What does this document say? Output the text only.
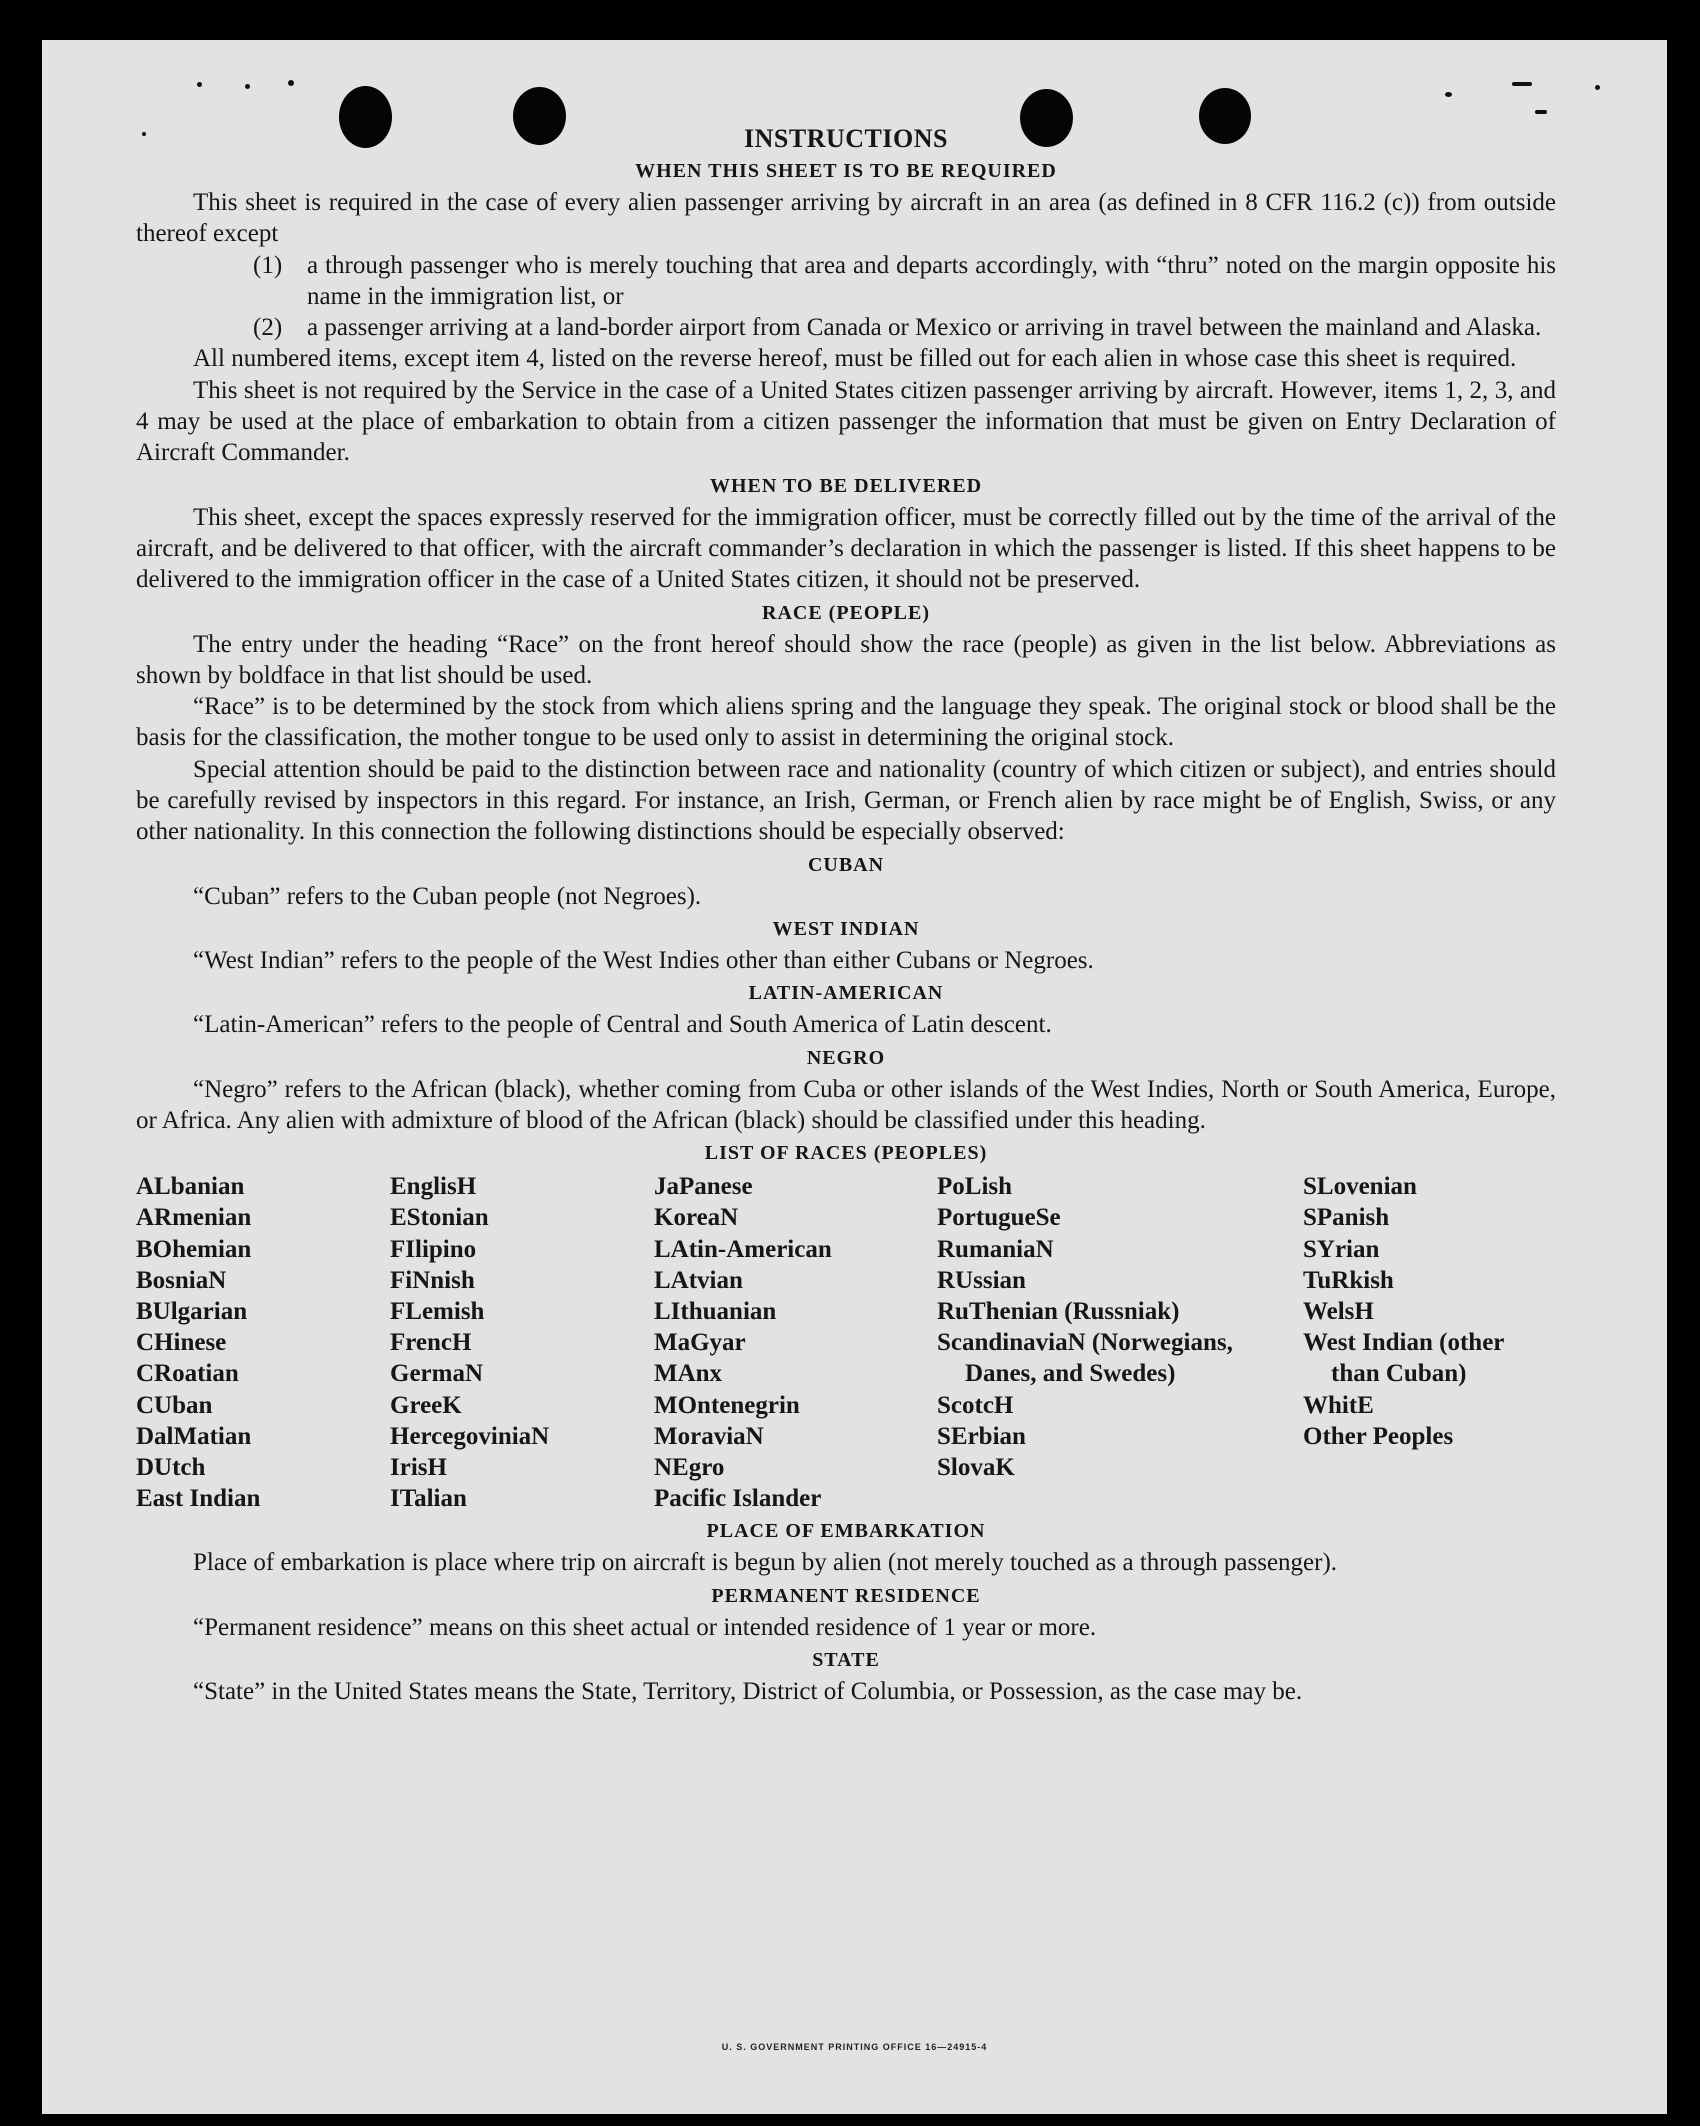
U. S. GOVERNMENT PRINTING OFFICE 16—24915-4
INSTRUCTIONS
WHEN THIS SHEET IS TO BE REQUIRED

This sheet is required in the case of every alien passenger arriving by aircraft in an area (as defined in 8 CFR 116.2 (c)) from outside thereof except

(1) a through passenger who is merely touching that area and departs accordingly, with “thru” noted on the margin opposite his name in the immigration list, or
(2) a passenger arriving at a land-border airport from Canada or Mexico or arriving in travel between the mainland and Alaska.

All numbered items, except item 4, listed on the reverse hereof, must be filled out for each alien in whose case this sheet is required.

This sheet is not required by the Service in the case of a United States citizen passenger arriving by aircraft. However, items 1, 2, 3, and 4 may be used at the place of embarkation to obtain from a citizen passenger the information that must be given on Entry Declaration of Aircraft Commander.

WHEN TO BE DELIVERED

This sheet, except the spaces expressly reserved for the immigration officer, must be correctly filled out by the time of the arrival of the aircraft, and be delivered to that officer, with the aircraft commander’s declaration in which the passenger is listed. If this sheet happens to be delivered to the immigration officer in the case of a United States citizen, it should not be preserved.

RACE (PEOPLE)

The entry under the heading “Race” on the front hereof should show the race (people) as given in the list below. Abbreviations as shown by boldface in that list should be used.

“Race” is to be determined by the stock from which aliens spring and the language they speak. The original stock or blood shall be the basis for the classification, the mother tongue to be used only to assist in determining the original stock.

Special attention should be paid to the distinction between race and nationality (country of which citizen or subject), and entries should be carefully revised by inspectors in this regard. For instance, an Irish, German, or French alien by race might be of English, Swiss, or any other nationality. In this connection the following distinctions should be especially observed:

CUBAN

“Cuban” refers to the Cuban people (not Negroes).

WEST INDIAN

“West Indian” refers to the people of the West Indies other than either Cubans or Negroes.

LATIN-AMERICAN

“Latin-American” refers to the people of Central and South America of Latin descent.

NEGRO

“Negro” refers to the African (black), whether coming from Cuba or other islands of the West Indies, North or South America, Europe, or Africa. Any alien with admixture of blood of the African (black) should be classified under this heading.

LIST OF RACES (PEOPLES)
ALbanian
ARmenian
BOhemian
BosniaN
BUlgarian
CHinese
CRoatian
CUban
DalMatian
DUtch
East Indian
EnglisH
EStonian
FIlipino
FiNnish
FLemish
FrencH
GermaN
GreeK
HercegoviniaN
IrisH
ITalian
JaPanese
KoreaN
LAtin-American
LAtvian
LIthuanian
MaGyar
MAnx
MOntenegrin
MoraviaN
NEgro
Pacific Islander
PoLish
PortugueSe
RumaniaN
RUssian
RuThenian (Russniak)
ScandinaviaN (Norwegians, Danes, and Swedes)
ScotcH
SErbian
SlovaK
SLovenian
SPanish
SYrian
TuRkish
WelsH
West Indian (other than Cuban)
WhitE
Other Peoples
PLACE OF EMBARKATION

Place of embarkation is place where trip on aircraft is begun by alien (not merely touched as a through passenger).

PERMANENT RESIDENCE

“Permanent residence” means on this sheet actual or intended residence of 1 year or more.

STATE

“State” in the United States means the State, Territory, District of Columbia, or Possession, as the case may be.
